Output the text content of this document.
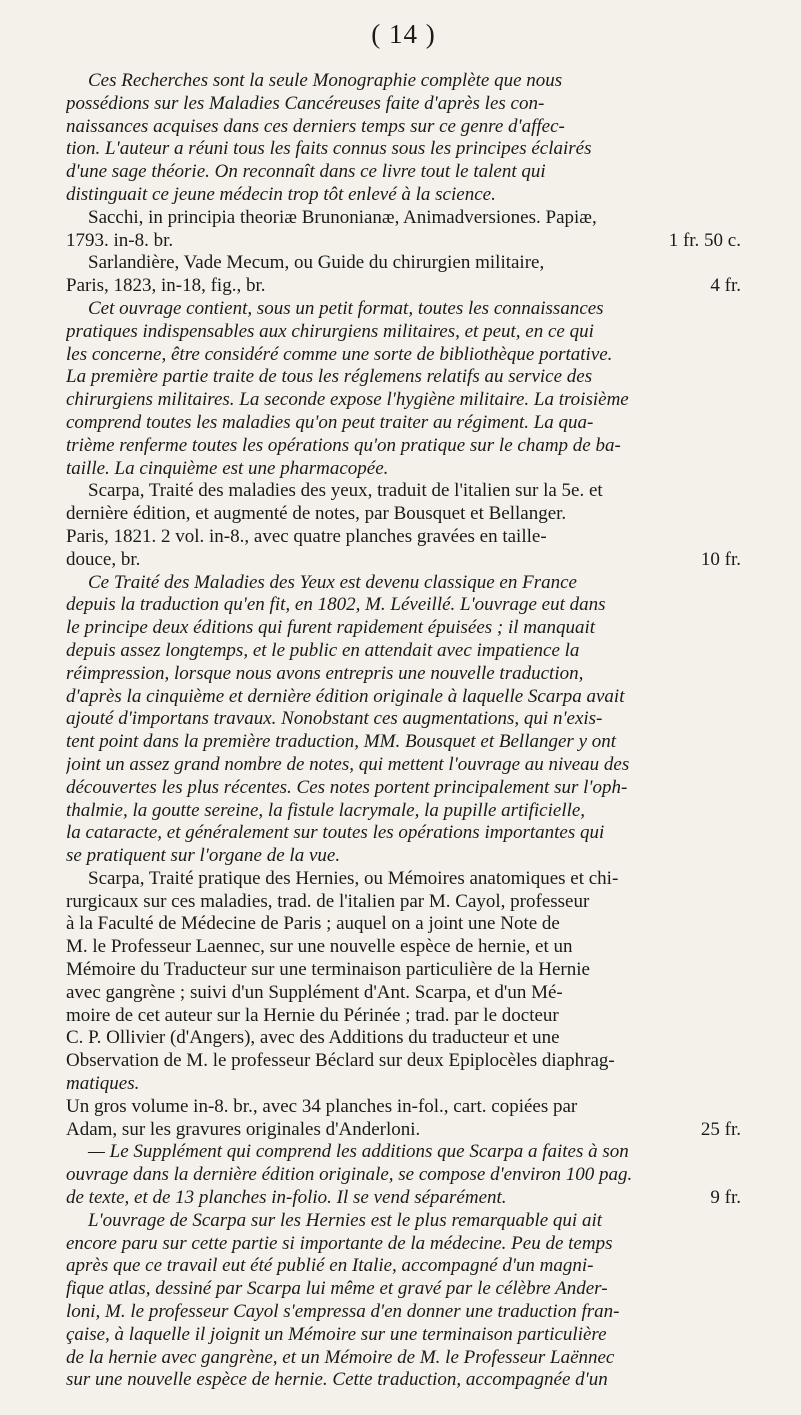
( 14 )
Ces Recherches sont la seule Monographie complète que nous
possédions sur les Maladies Cancéreuses faite d'après les con-
naissances acquises dans ces derniers temps sur ce genre d'affec-
tion. L'auteur a réuni tous les faits connus sous les principes éclairés
d'une sage théorie. On reconnaît dans ce livre tout le talent qui
distinguait ce jeune médecin trop tôt enlevé à la science.
Sacchi, in principia theoriæ Brunonianæ, Animadversiones. Papiæ,
1793. in-8. br.	1 fr. 50 c.
Sarlandière, Vade Mecum, ou Guide du chirurgien militaire,
Paris, 1823, in-18, fig., br.	4 fr.
Cet ouvrage contient, sous un petit format, toutes les connaissances
pratiques indispensables aux chirurgiens militaires, et peut, en ce qui
les concerne, être considéré comme une sorte de bibliothèque portative.
La première partie traite de tous les réglemens relatifs au service des
chirurgiens militaires. La seconde expose l'hygiène militaire. La troisième
comprend toutes les maladies qu'on peut traiter au régiment. La qua-
trième renferme toutes les opérations qu'on pratique sur le champ de ba-
taille. La cinquième est une pharmacopée.
Scarpa, Traité des maladies des yeux, traduit de l'italien sur la 5e. et
dernière édition, et augmenté de notes, par Bousquet et Bellanger.
Paris, 1821. 2 vol. in-8., avec quatre planches gravées en taille-
douce, br.	10 fr.
Ce Traité des Maladies des Yeux est devenu classique en France
depuis la traduction qu'en fit, en 1802, M. Léveillé. L'ouvrage eut dans
le principe deux éditions qui furent rapidement épuisées ; il manquait
depuis assez longtemps, et le public en attendait avec impatience la
réimpression, lorsque nous avons entrepris une nouvelle traduction,
d'après la cinquième et dernière édition originale à laquelle Scarpa avait
ajouté d'importans travaux. Nonobstant ces augmentations, qui n'exis-
tent point dans la première traduction, MM. Bousquet et Bellanger y ont
joint un assez grand nombre de notes, qui mettent l'ouvrage au niveau des
découvertes les plus récentes. Ces notes portent principalement sur l'oph-
thalmie, la goutte sereine, la fistule lacrymale, la pupille artificielle,
la cataracte, et généralement sur toutes les opérations importantes qui
se pratiquent sur l'organe de la vue.
Scarpa, Traité pratique des Hernies, ou Mémoires anatomiques et chi-
rurgicaux sur ces maladies, trad. de l'italien par M. Cayol, professeur
à la Faculté de Médecine de Paris ; auquel on a joint une Note de
M. le Professeur Laennec, sur une nouvelle espèce de hernie, et un
Mémoire du Traducteur sur une terminaison particulière de la Hernie
avec gangrène ; suivi d'un Supplément d'Ant. Scarpa, et d'un Mé-
moire de cet auteur sur la Hernie du Périnée ; trad. par le docteur
C. P. Ollivier (d'Angers), avec des Additions du traducteur et une
Observation de M. le professeur Béclard sur deux Epiplocèles diaphrag-
matiques.
Un gros volume in-8. br., avec 34 planches in-fol., cart. copiées par
Adam, sur les gravures originales d'Anderloni.	25 fr.
— Le Supplément qui comprend les additions que Scarpa a faites à son
ouvrage dans la dernière édition originale, se compose d'environ 100 pag.
de texte, et de 13 planches in-folio. Il se vend séparément.	9 fr.
L'ouvrage de Scarpa sur les Hernies est le plus remarquable qui ait
encore paru sur cette partie si importante de la médecine. Peu de temps
après que ce travail eut été publié en Italie, accompagné d'un magni-
fique atlas, dessiné par Scarpa lui même et gravé par le célèbre Ander-
loni, M. le professeur Cayol s'empressa d'en donner une traduction fran-
çaise, à laquelle il joignit un Mémoire sur une terminaison particulière
de la hernie avec gangrène, et un Mémoire de M. le Professeur Laënnec
sur une nouvelle espèce de hernie. Cette traduction, accompagnée d'un
